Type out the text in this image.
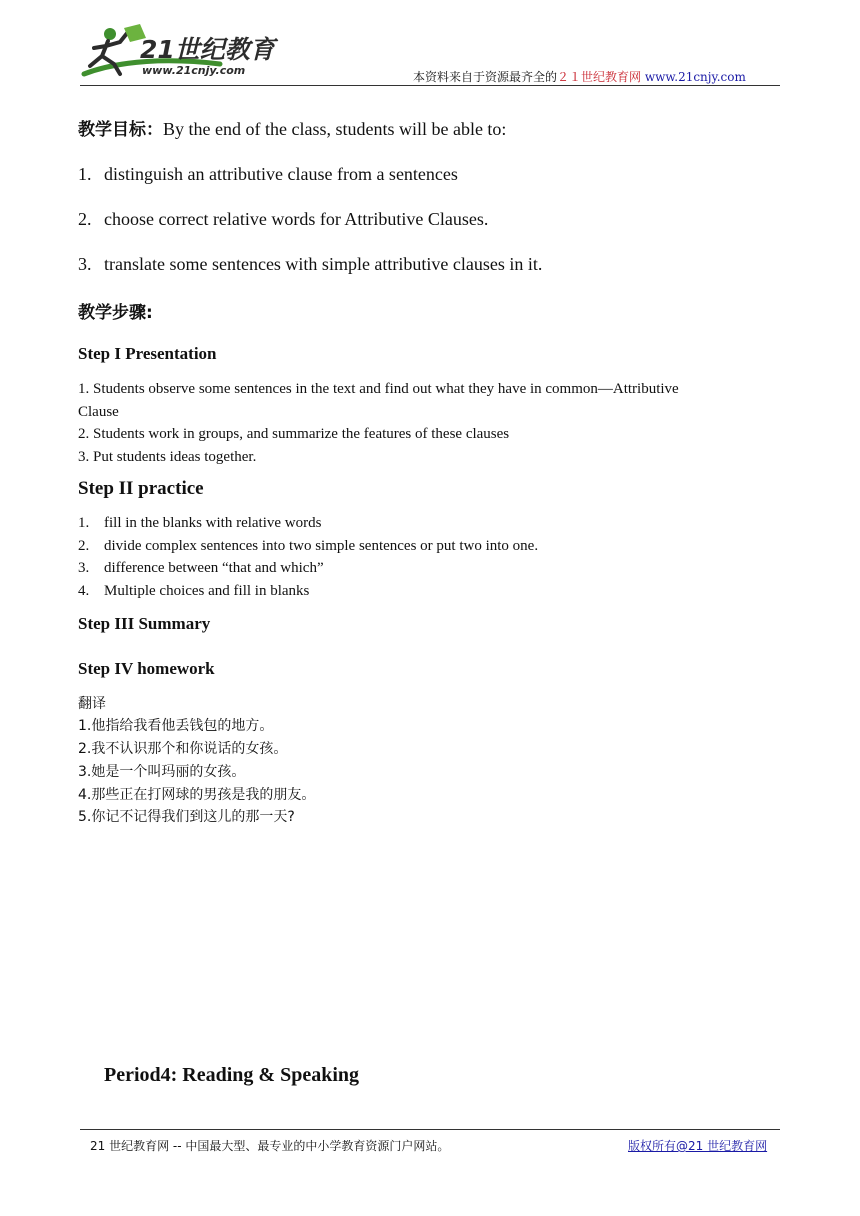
21世纪教育
www.21cnjy.com	本资料来自于资源最齐全的２１世纪教育网 www.21cnjy.com
教学目标：By the end of the class, students will be able to:
1. distinguish an attributive clause from a sentences
2. choose correct relative words for Attributive Clauses.
3. translate some sentences with simple attributive clauses in it.
教学步骤:
Step I Presentation
1. Students observe some sentences in the text and find out what they have in common—Attributive
Clause
2. Students work in groups, and summarize the features of these clauses
3. Put students ideas together.
Step II practice
1. fill in the blanks with relative words
2. divide complex sentences into two simple sentences or put two into one.
3. difference between “that and which”
4. Multiple choices and fill in blanks
Step III Summary
Step IV homework
翻译
1.他指给我看他丢钱包的地方。
2.我不认识那个和你说话的女孩。
3.她是一个叫玛丽的女孩。
4.那些正在打网球的男孩是我的朋友。
5.你记不记得我们到这儿的那一天?
Period4: Reading & Speaking
21 世纪教育网 -- 中国最大型、最专业的中小学教育资源门户网站。	版权所有@21 世纪教育网
